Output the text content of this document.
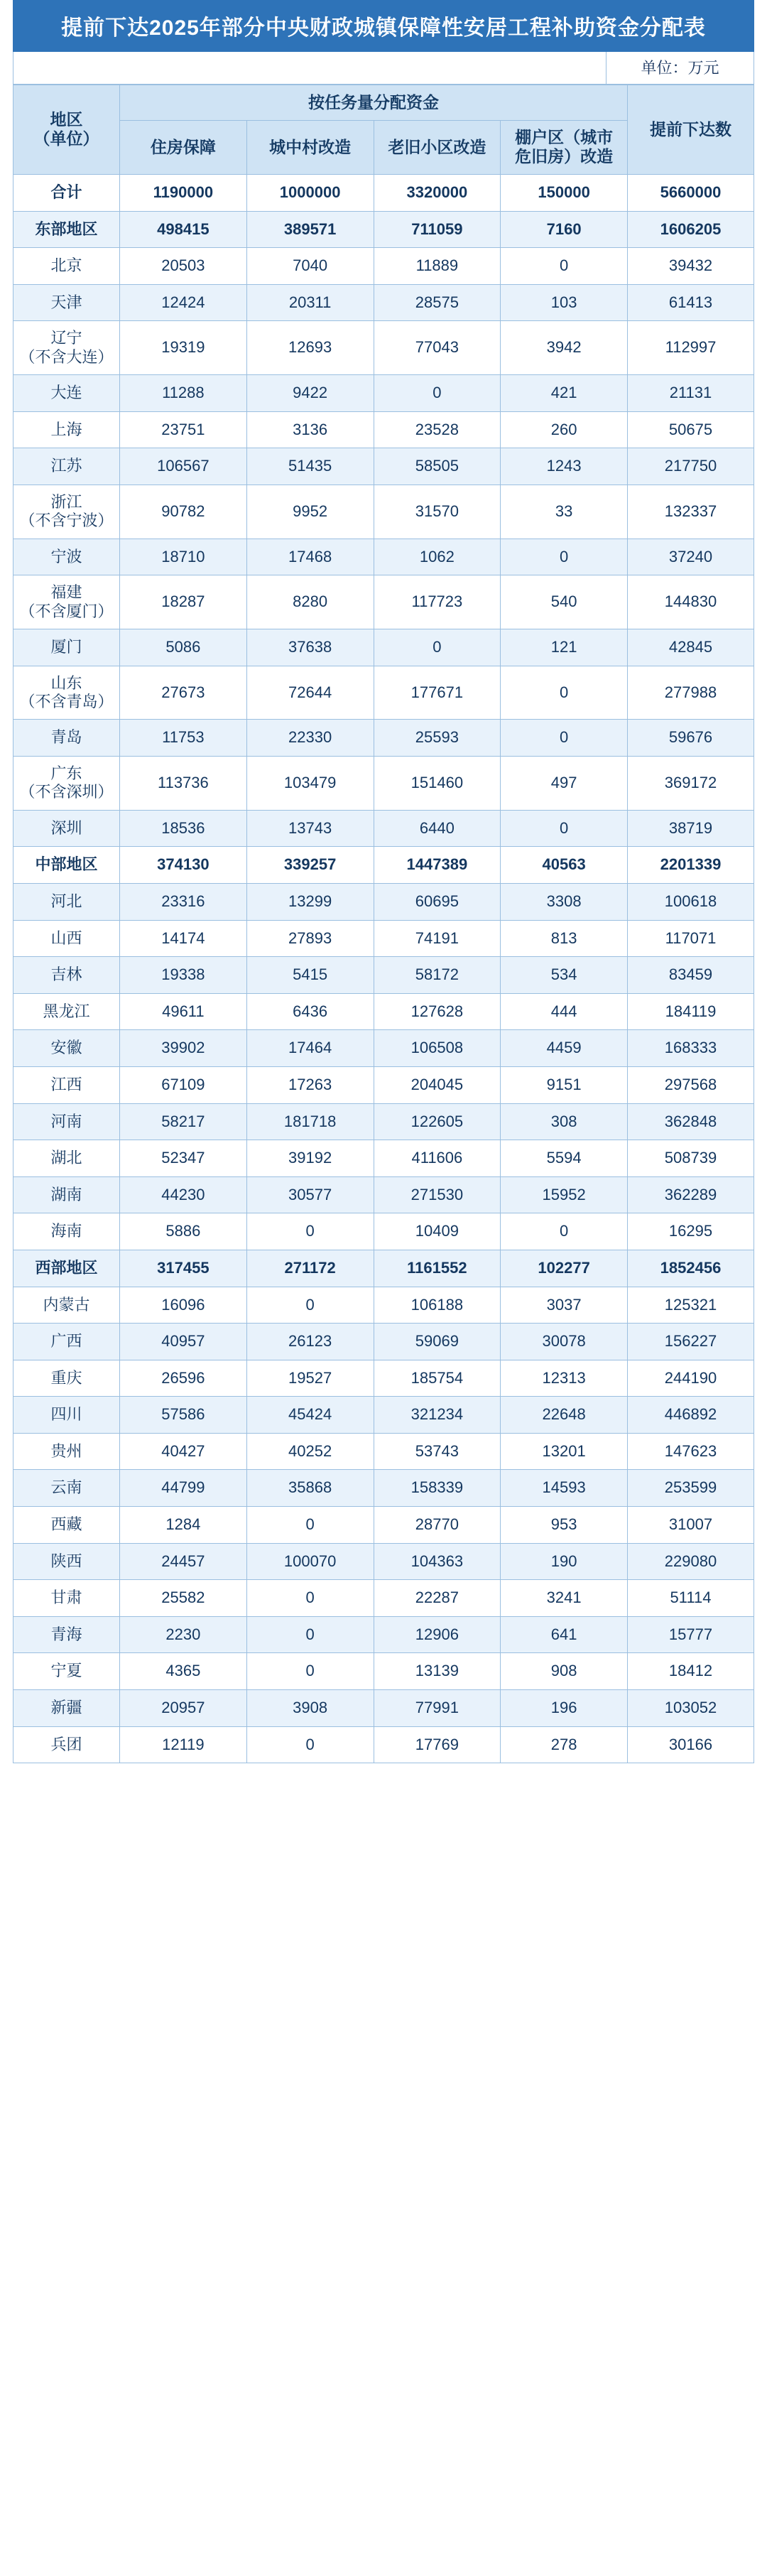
提前下达2025年部分中央财政城镇保障性安居工程补助资金分配表
单位：万元
地区
（单位）	按任务量分配资金				提前下达数

	住房保障	城中村改造	老旧小区改造	棚户区（城市
危旧房）改造	

合计	1190000	1000000	3320000	150000	5660000
东部地区	498415	389571	711059	7160	1606205
北京	20503	7040	11889	0	39432
天津	12424	20311	28575	103	61413

辽宁
（不含大连）	19319	12693	77043	3942	112997
大连	11288	9422	0	421	21131
上海	23751	3136	23528	260	50675
江苏	106567	51435	58505	1243	217750

浙江
（不含宁波）	90782	9952	31570	33	132337
宁波	18710	17468	1062	0	37240

福建
（不含厦门）	18287	8280	117723	540	144830
厦门	5086	37638	0	121	42845

山东
（不含青岛）	27673	72644	177671	0	277988
青岛	11753	22330	25593	0	59676

广东
（不含深圳）	113736	103479	151460	497	369172
深圳	18536	13743	6440	0	38719
中部地区	374130	339257	1447389	40563	2201339
河北	23316	13299	60695	3308	100618
山西	14174	27893	74191	813	117071
吉林	19338	5415	58172	534	83459
黑龙江	49611	6436	127628	444	184119
安徽	39902	17464	106508	4459	168333
江西	67109	17263	204045	9151	297568
河南	58217	181718	122605	308	362848
湖北	52347	39192	411606	5594	508739
湖南	44230	30577	271530	15952	362289
海南	5886	0	10409	0	16295
西部地区	317455	271172	1161552	102277	1852456
内蒙古	16096	0	106188	3037	125321
广西	40957	26123	59069	30078	156227
重庆	26596	19527	185754	12313	244190
四川	57586	45424	321234	22648	446892
贵州	40427	40252	53743	13201	147623
云南	44799	35868	158339	14593	253599
西藏	1284	0	28770	953	31007
陕西	24457	100070	104363	190	229080
甘肃	25582	0	22287	3241	51114
青海	2230	0	12906	641	15777
宁夏	4365	0	13139	908	18412
新疆	20957	3908	77991	196	103052
兵团	12119	0	17769	278	30166
